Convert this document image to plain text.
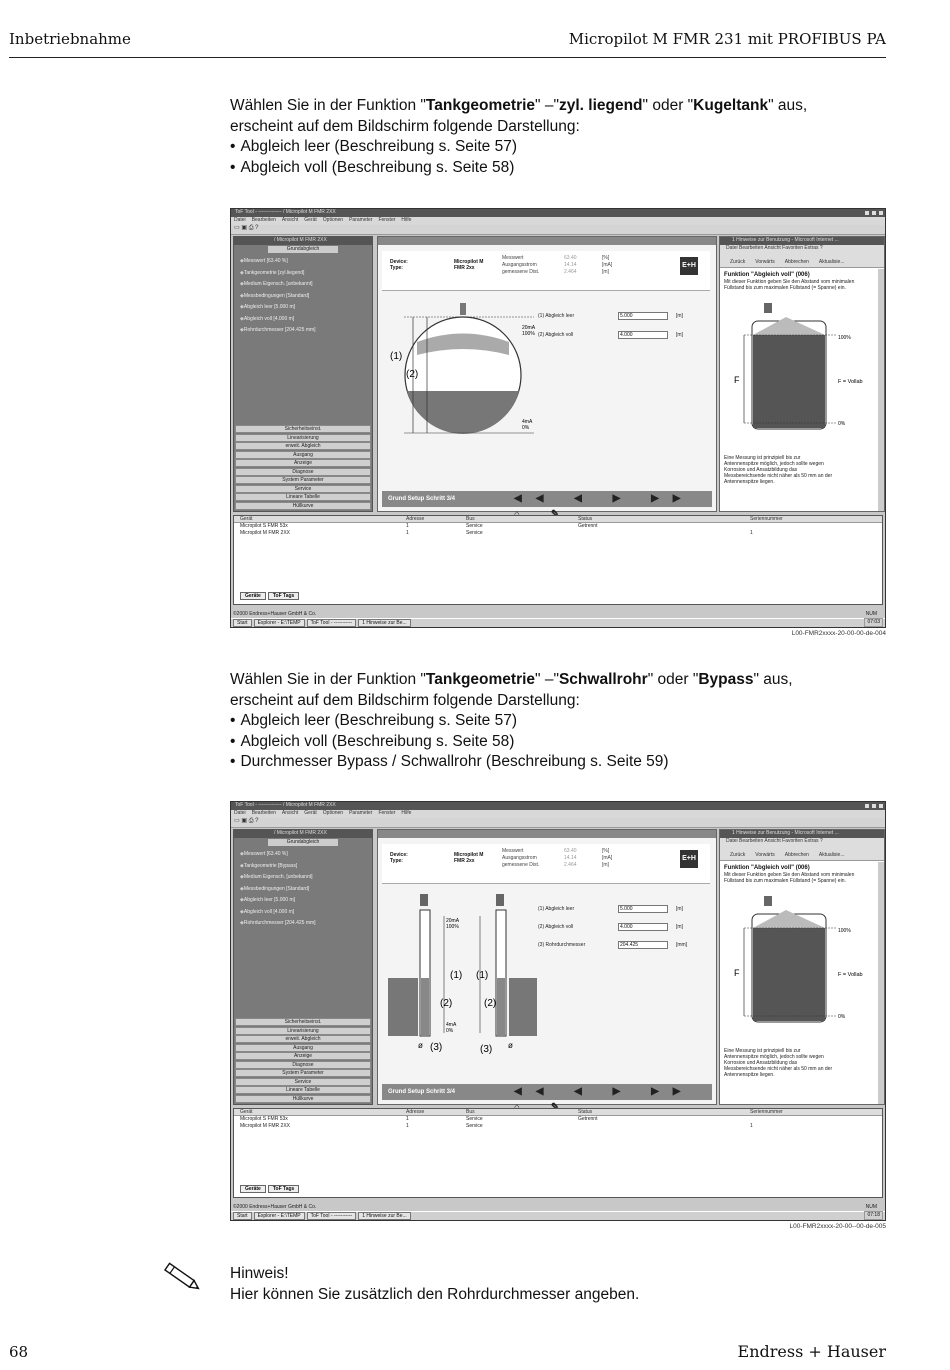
Inbetriebnahme	Micropilot M FMR 231 mit PROFIBUS PA
Wählen Sie in der Funktion "Tankgeometrie" –"zyl. liegend" oder "Kugeltank" aus,
erscheint auf dem Bildschirm folgende Darstellung:
• Abgleich leer (Beschreibung s. Seite 57)
• Abgleich voll (Beschreibung s. Seite 58)
ToF Tool - -------------- / Micropilot M FMR 2XX
Datei Bearbeiten Ansicht Gerät Optionen Parameter Fenster Hilfe
▭ ▣ ⎙ ?
/ Micropilot M FMR 2XX
Grundabgleich
◆ Messwert [63.40 %]
◆ Tankgeometrie [zyl.liegend]
◆ Medium Eigensch. [unbekannt]
◆ Messbedingungen [Standard]
◆ Abgleich leer [5.000 m]
◆ Abgleich voll [4.000 m]
◆ Rohrdurchmesser [204.425 mm]
Sicherheitseinst.
Linearisierung
erweit. Abgleich
Ausgang
Anzeige
Diagnose
System Parameter
Service
Lineare Tabelle
Hüllkurve
Device:	Micropilot M
Type:	FMR 2xx
Messwert	63.40	[%]
Ausgangsstrom	14.14	[mA]
gemessene Dist.	2.464	[m]
E+H
(1) Abgleich leer	5.000	[m]
(2) Abgleich voll	4.000	[m]
(1)
(2)
20mA
100%
4mA
0%
Grund Setup Schritt 3/4	◀◀ ◀ ▶ ▶▶
1 Hinweise zur Benutzung - Microsoft Internet ...
Datei Bearbeiten Ansicht Favoriten Extras ?
Zurück Vorwärts Abbrechen Aktualisie...
Funktion "Abgleich voll" (006)
Mit dieser Funktion geben Sie den Abstand vom minimalen Füllstand bis zum maximalen Füllstand (= Spanne) ein.
100%
0%
F	F = Vollab
Eine Messung ist prinzipiell bis zur Antennenspitze möglich, jedoch sollte wegen Korrosion und Ansatzbildung das Messbereichsende nicht näher als 50 mm an der Antennenspitze liegen.
Gerät	Adresse	Bus	Status	Seriennummer
Micropilot S FMR 53x	1	Service	Getrennt
Micropilot M FMR 2XX	1	Service	1
Geräte	ToF Tags
©2000 Endress+Hauser GmbH & Co.	NUM
Start	Explorer - E:\TEMP	ToF Tool - -----------	1 Hinweise zur Be...	07:03
L00-FMR2xxxx-20-00-00-de-004
Wählen Sie in der Funktion "Tankgeometrie" –"Schwallrohr" oder "Bypass" aus,
erscheint auf dem Bildschirm folgende Darstellung:
• Abgleich leer (Beschreibung s. Seite 57)
• Abgleich voll (Beschreibung s. Seite 58)
• Durchmesser Bypass / Schwallrohr (Beschreibung s. Seite 59)
ToF Tool - -------------- / Micropilot M FMR 2XX
Datei Bearbeiten Ansicht Gerät Optionen Parameter Fenster Hilfe
▭ ▣ ⎙ ?
/ Micropilot M FMR 2XX
Grundabgleich
◆ Messwert [63.40 %]
◆ Tankgeometrie [Bypass]
◆ Medium Eigensch. [unbekannt]
◆ Messbedingungen [Standard]
◆ Abgleich leer [5.000 m]
◆ Abgleich voll [4.000 m]
◆ Rohrdurchmesser [204.425 mm]
Sicherheitseinst.
Linearisierung
erweit. Abgleich
Ausgang
Anzeige
Diagnose
System Parameter
Service
Lineare Tabelle
Hüllkurve
Device:	Micropilot M
Type:	FMR 2xx
Messwert	63.40	[%]
Ausgangsstrom	14.14	[mA]
gemessene Dist.	2.464	[m]
E+H
(1) Abgleich leer	5.000	[m]
(2) Abgleich voll	4.000	[m]
(3) Rohrdurchmesser	204.425	[mm]
(1) (1)
(2)	(2)
20mA
100%
4mA
0%
ø (3)	(3) ø
Grund Setup Schritt 3/4	◀◀ ◀ ▶ ▶▶
1 Hinweise zur Benutzung - Microsoft Internet ...
Datei Bearbeiten Ansicht Favoriten Extras ?
Zurück Vorwärts Abbrechen Aktualisie...
Funktion "Abgleich voll" (006)
Mit dieser Funktion geben Sie den Abstand vom minimalen Füllstand bis zum maximalen Füllstand (= Spanne) ein.
100%
0%
F	F = Vollab
Eine Messung ist prinzipiell bis zur Antennenspitze möglich, jedoch sollte wegen Korrosion und Ansatzbildung das Messbereichsende nicht näher als 50 mm an der Antennenspitze liegen.
Gerät	Adresse	Bus	Status	Seriennummer
Micropilot S FMR 53x	1	Service	Getrennt
Micropilot M FMR 2XX	1	Service	1
Geräte	ToF Tags
©2000 Endress+Hauser GmbH & Co.	NUM
Start	Explorer - E:\TEMP	ToF Tool - -----------	1 Hinweise zur Be...	07:18
L00-FMR2xxxx-20-00--00-de-005
Hinweis!
Hier können Sie zusätzlich den Rohrdurchmesser angeben.
68	Endress + Hauser
